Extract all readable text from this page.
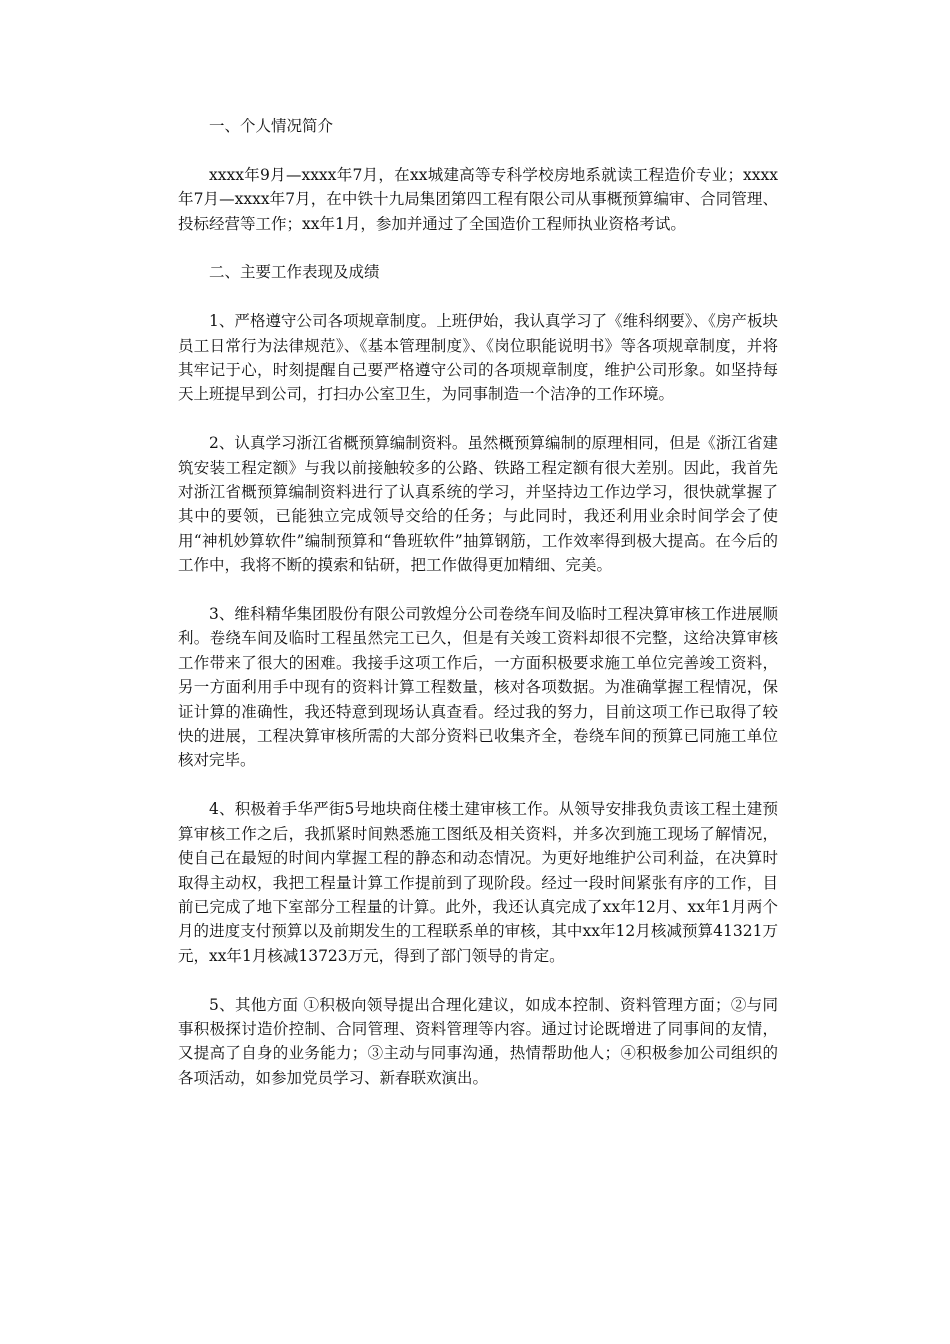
一、个人情况简介

xxxx年9月—xxxx年7月，在xx城建高等专科学校房地系就读工程造价专业；xxxx年7月—xxxx年7月，在中铁十九局集团第四工程有限公司从事概预算编审、合同管理、投标经营等工作；xx年1月，参加并通过了全国造价工程师执业资格考试。

二、主要工作表现及成绩

1、严格遵守公司各项规章制度。上班伊始，我认真学习了《维科纲要》、《房产板块员工日常行为法律规范》、《基本管理制度》、《岗位职能说明书》等各项规章制度，并将其牢记于心，时刻提醒自己要严格遵守公司的各项规章制度，维护公司形象。如坚持每天上班提早到公司，打扫办公室卫生，为同事制造一个洁净的工作环境。

2、认真学习浙江省概预算编制资料。虽然概预算编制的原理相同，但是《浙江省建筑安装工程定额》与我以前接触较多的公路、铁路工程定额有很大差别。因此，我首先对浙江省概预算编制资料进行了认真系统的学习，并坚持边工作边学习，很快就掌握了其中的要领，已能独立完成领导交给的任务；与此同时，我还利用业余时间学会了使用“神机妙算软件”编制预算和“鲁班软件”抽算钢筋，工作效率得到极大提高。在今后的工作中，我将不断的摸索和钻研，把工作做得更加精细、完美。

3、维科精华集团股份有限公司敦煌分公司卷绕车间及临时工程决算审核工作进展顺利。卷绕车间及临时工程虽然完工已久，但是有关竣工资料却很不完整，这给决算审核工作带来了很大的困难。我接手这项工作后，一方面积极要求施工单位完善竣工资料，另一方面利用手中现有的资料计算工程数量，核对各项数据。为准确掌握工程情况，保证计算的准确性，我还特意到现场认真查看。经过我的努力，目前这项工作已取得了较快的进展，工程决算审核所需的大部分资料已收集齐全，卷绕车间的预算已同施工单位核对完毕。

4、积极着手华严街5号地块商住楼土建审核工作。从领导安排我负责该工程土建预算审核工作之后，我抓紧时间熟悉施工图纸及相关资料，并多次到施工现场了解情况，使自己在最短的时间内掌握工程的静态和动态情况。为更好地维护公司利益，在决算时取得主动权，我把工程量计算工作提前到了现阶段。经过一段时间紧张有序的工作，目前已完成了地下室部分工程量的计算。此外，我还认真完成了xx年12月、xx年1月两个月的进度支付预算以及前期发生的工程联系单的审核，其中xx年12月核减预算41321万元，xx年1月核减13723万元，得到了部门领导的肯定。

5、其他方面 ①积极向领导提出合理化建议，如成本控制、资料管理方面；②与同事积极探讨造价控制、合同管理、资料管理等内容。通过讨论既增进了同事间的友情，又提高了自身的业务能力；③主动与同事沟通，热情帮助他人；④积极参加公司组织的各项活动，如参加党员学习、新春联欢演出。
